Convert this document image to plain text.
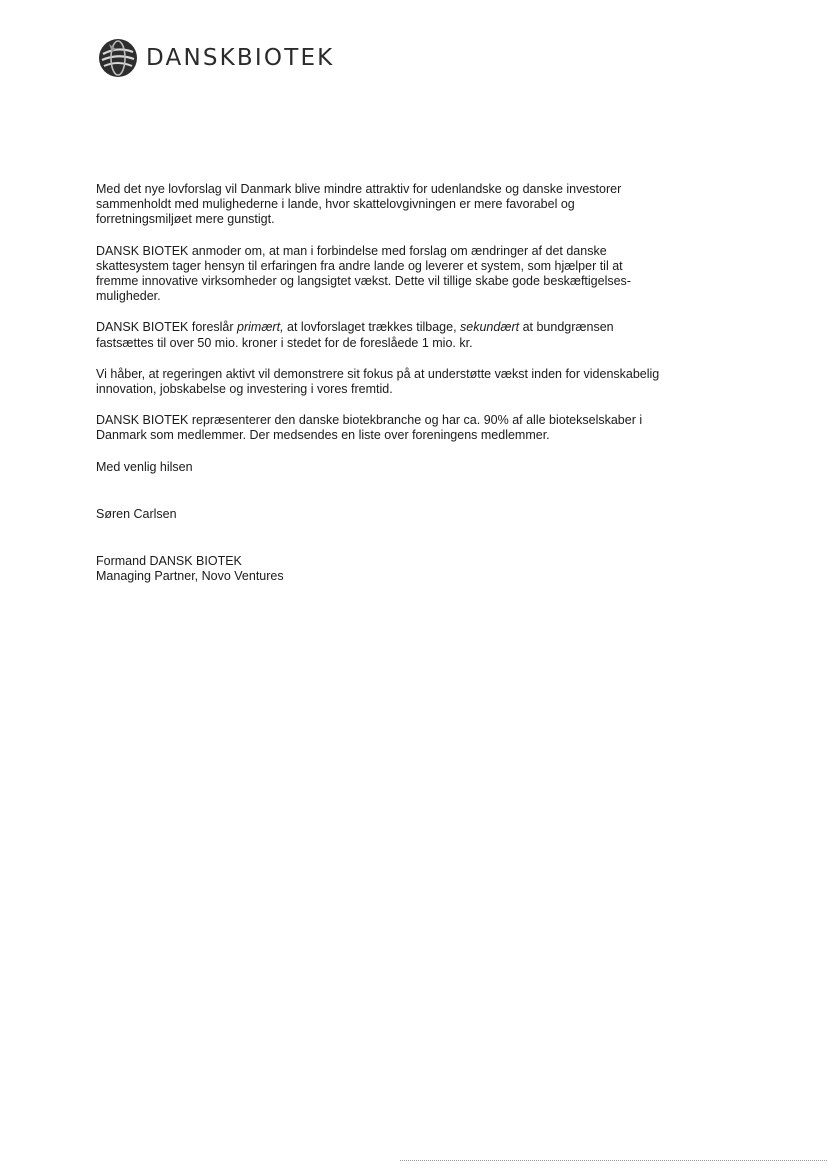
DANSKBIOTEK

Med det nye lovforslag vil Danmark blive mindre attraktiv for udenlandske og danske investorer
sammenholdt med mulighederne i lande, hvor skattelovgivningen er mere favorabel og
forretningsmiljøet mere gunstigt.

DANSK BIOTEK anmoder om, at man i forbindelse med forslag om ændringer af det danske
skattesystem tager hensyn til erfaringen fra andre lande og leverer et system, som hjælper til at
fremme innovative virksomheder og langsigtet vækst. Dette vil tillige skabe gode beskæftigelses-
muligheder.

DANSK BIOTEK foreslår primært, at lovforslaget trækkes tilbage, sekundært at bundgrænsen
fastsættes til over 50 mio. kroner i stedet for de foreslåede 1 mio. kr.

Vi håber, at regeringen aktivt vil demonstrere sit fokus på at understøtte vækst inden for videnskabelig
innovation, jobskabelse og investering i vores fremtid.

DANSK BIOTEK repræsenterer den danske biotekbranche og har ca. 90% af alle biotekselskaber i
Danmark som medlemmer. Der medsendes en liste over foreningens medlemmer.

Med venlig hilsen

Søren Carlsen

Formand DANSK BIOTEK
Managing Partner, Novo Ventures
